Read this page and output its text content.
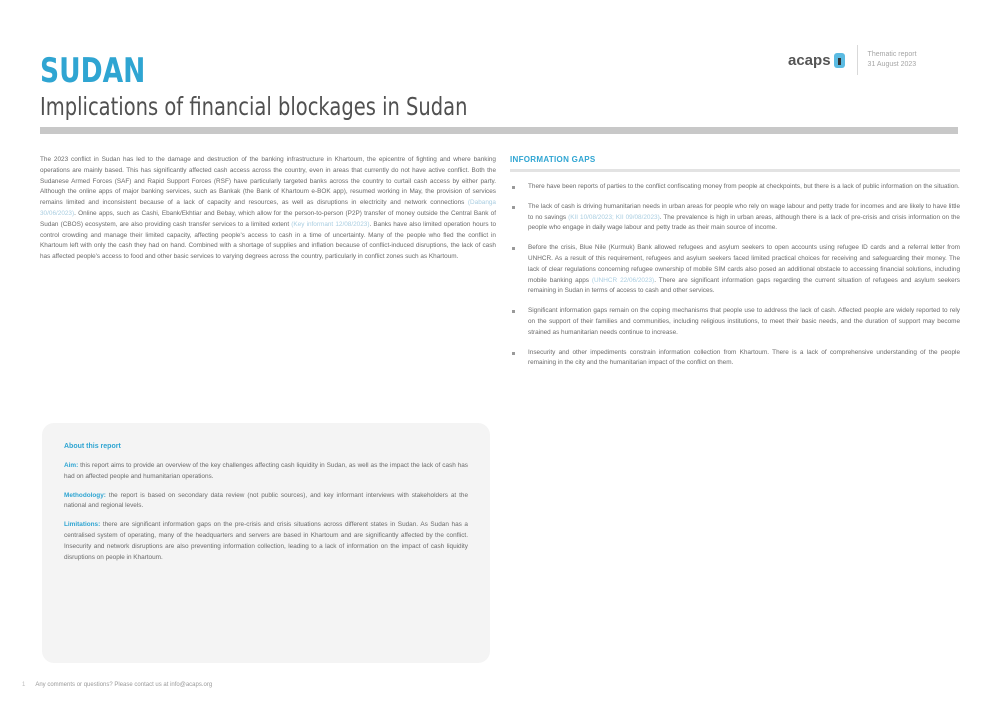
SUDAN
Implications of financial blockages in Sudan
acaps	Thematic report
31 August 2023

The 2023 conflict in Sudan has led to the damage and destruction of the banking infrastructure in Khartoum, the epicentre of fighting and where banking operations are mainly based. This has significantly affected cash access across the country, even in areas that currently do not have active conflict. Both the Sudanese Armed Forces (SAF) and Rapid Support Forces (RSF) have particularly targeted banks across the country to curtail cash access by either party. Although the online apps of major banking services, such as Bankak (the Bank of Khartoum e-BOK app), resumed working in May, the provision of services remains limited and inconsistent because of a lack of capacity and resources, as well as disruptions in electricity and network connections (Dabanga 30/06/2023). Online apps, such as Cashi, Ebank/Ekhtiar and Bebay, which allow for the person-to-person (P2P) transfer of money outside the Central Bank of Sudan (CBOS) ecosystem, are also providing cash transfer services to a limited extent (Key informant 12/08/2023). Banks have also limited operation hours to control crowding and manage their limited capacity, affecting people's access to cash in a time of uncertainty. Many of the people who fled the conflict in Khartoum left with only the cash they had on hand. Combined with a shortage of supplies and inflation because of conflict-induced disruptions, the lack of cash has affected people's access to food and other basic services to varying degrees across the country, particularly in conflict zones such as Khartoum.

About this report

Aim: this report aims to provide an overview of the key challenges affecting cash liquidity in Sudan, as well as the impact the lack of cash has had on affected people and humanitarian operations.

Methodology: the report is based on secondary data review (not public sources), and key informant interviews with stakeholders at the national and regional levels.

Limitations: there are significant information gaps on the pre-crisis and crisis situations across different states in Sudan. As Sudan has a centralised system of operating, many of the headquarters and servers are based in Khartoum and are significantly affected by the conflict. Insecurity and network disruptions are also preventing information collection, leading to a lack of information on the impact of cash liquidity disruptions on people in Khartoum.

INFORMATION GAPS
There have been reports of parties to the conflict confiscating money from people at checkpoints, but there is a lack of public information on the situation.
The lack of cash is driving humanitarian needs in urban areas for people who rely on wage labour and petty trade for incomes and are likely to have little to no savings (KII 10/08/2023; KII 09/08/2023). The prevalence is high in urban areas, although there is a lack of pre-crisis and crisis information on the people who engage in daily wage labour and petty trade as their main source of income.
Before the crisis, Blue Nile (Kurmuk) Bank allowed refugees and asylum seekers to open accounts using refugee ID cards and a referral letter from UNHCR. As a result of this requirement, refugees and asylum seekers faced limited practical choices for receiving and safeguarding their money. The lack of clear regulations concerning refugee ownership of mobile SIM cards also posed an additional obstacle to accessing financial solutions, including mobile banking apps (UNHCR 22/06/2023). There are significant information gaps regarding the current situation of refugees and asylum seekers remaining in Sudan in terms of access to cash and other services.
Significant information gaps remain on the coping mechanisms that people use to address the lack of cash. Affected people are widely reported to rely on the support of their families and communities, including religious institutions, to meet their basic needs, and the duration of support may become strained as humanitarian needs continue to increase.
Insecurity and other impediments constrain information collection from Khartoum. There is a lack of comprehensive understanding of the people remaining in the city and the humanitarian impact of the conflict on them.
1 Any comments or questions? Please contact us at info@acaps.org
